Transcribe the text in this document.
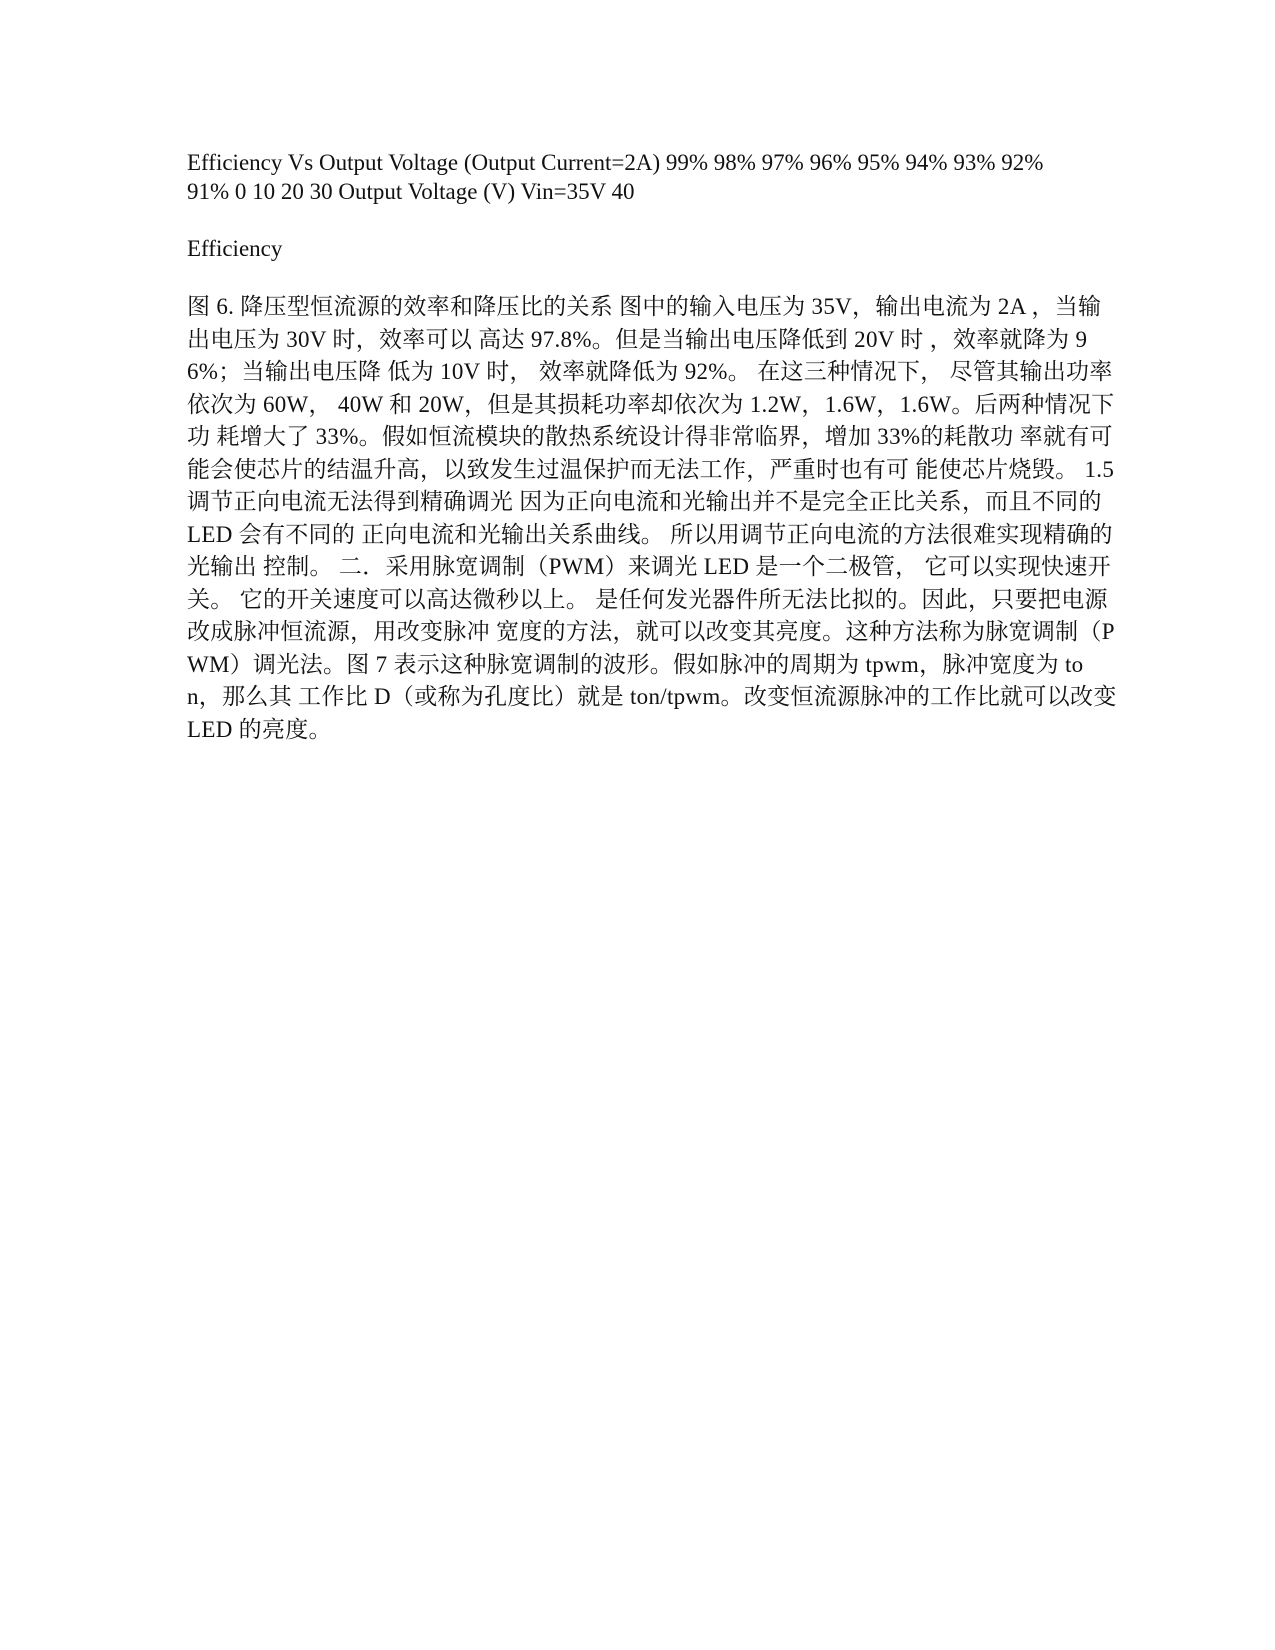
Efficiency Vs Output Voltage (Output Current=2A) 99% 98% 97% 96% 95% 94% 93% 92% 91% 0 10 20 30 Output Voltage (V) Vin=35V 40

Efficiency

图 6. 降压型恒流源的效率和降压比的关系 图中的输入电压为 35V，输出电流为 2A ，当输出电压为 30V 时，效率可以 高达 97.8%。但是当输出电压降低到 20V 时 ，效率就降为 96%；当输出电压降 低为 10V 时， 效率就降低为 92%。 在这三种情况下， 尽管其输出功率依次为 60W， 40W 和 20W，但是其损耗功率却依次为 1.2W，1.6W，1.6W。后两种情况下功 耗增大了 33%。假如恒流模块的散热系统设计得非常临界，增加 33%的耗散功 率就有可能会使芯片的结温升高，以致发生过温保护而无法工作，严重时也有可 能使芯片烧毁。 1.5 调节正向电流无法得到精确调光 因为正向电流和光输出并不是完全正比关系，而且不同的 LED 会有不同的 正向电流和光输出关系曲线。 所以用调节正向电流的方法很难实现精确的光输出 控制。 二．采用脉宽调制（PWM）来调光 LED 是一个二极管， 它可以实现快速开关。 它的开关速度可以高达微秒以上。 是任何发光器件所无法比拟的。因此，只要把电源改成脉冲恒流源，用改变脉冲 宽度的方法，就可以改变其亮度。这种方法称为脉宽调制（PWM）调光法。图 7 表示这种脉宽调制的波形。假如脉冲的周期为 tpwm，脉冲宽度为 ton，那么其 工作比 D（或称为孔度比）就是 ton/tpwm。改变恒流源脉冲的工作比就可以改变 LED 的亮度。
